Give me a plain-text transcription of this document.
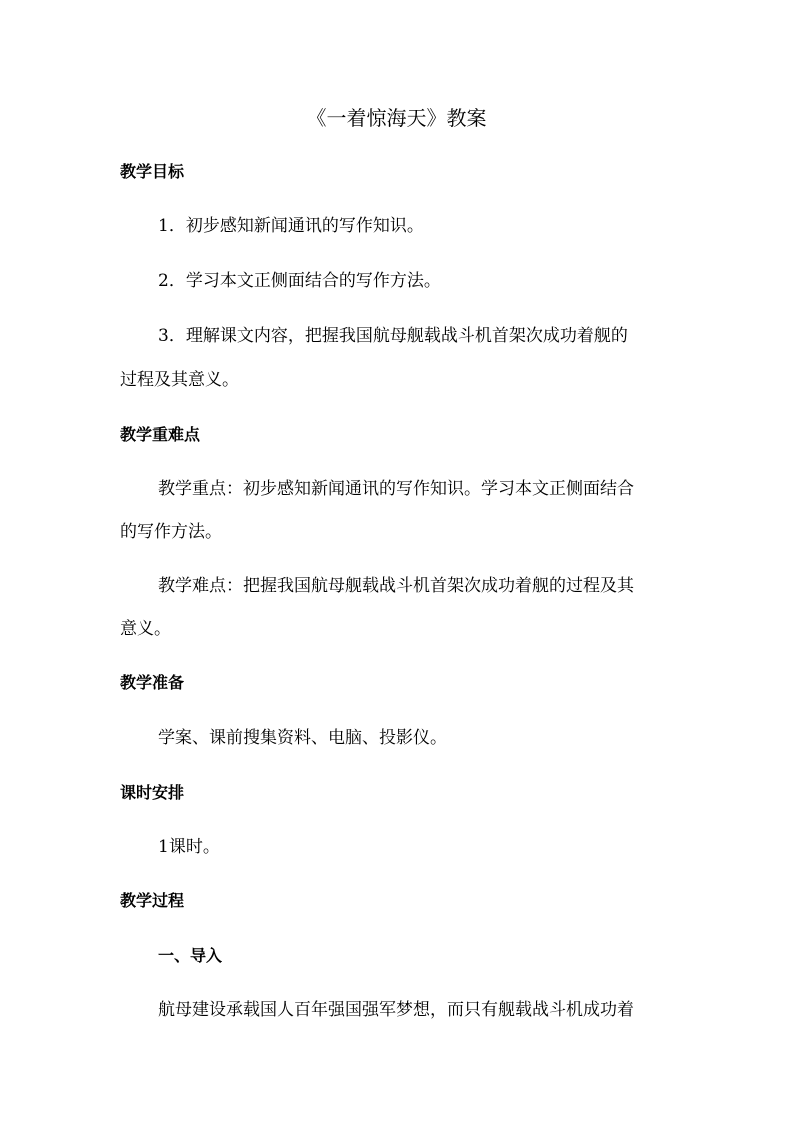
《一着惊海天》教案
教学目标
1．初步感知新闻通讯的写作知识。
2．学习本文正侧面结合的写作方法。
3．理解课文内容，把握我国航母舰载战斗机首架次成功着舰的
过程及其意义。
教学重难点
教学重点：初步感知新闻通讯的写作知识。学习本文正侧面结合
的写作方法。
教学难点：把握我国航母舰载战斗机首架次成功着舰的过程及其
意义。
教学准备
学案、课前搜集资料、电脑、投影仪。
课时安排
1课时。
教学过程
一、导入
航母建设承载国人百年强国强军梦想，而只有舰载战斗机成功着
